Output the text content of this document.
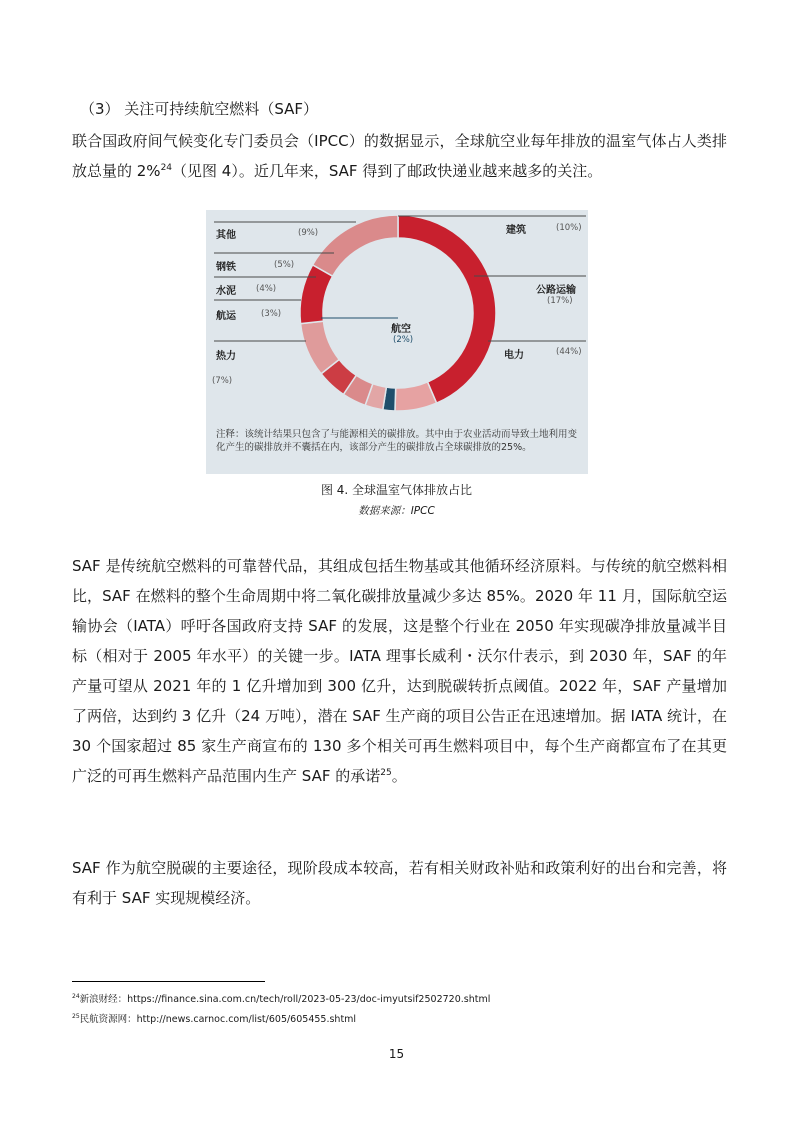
（3） 关注可持续航空燃料（SAF）
联合国政府间气候变化专门委员会（IPCC）的数据显示，全球航空业每年排放的温室气体占人类排放总量的 2%$^{24}$（见图 4）。近几年来，SAF 得到了邮政快递业越来越多的关注。
其他	(9%)
钢铁	(5%)
水泥 (4%)
航运	(3%)
热力
(7%)
建筑	(10%)
公路运输
(17%)
电力	(44%)
航空
(2%)
注释：该统计结果只包含了与能源相关的碳排放。其中由于农业活动而导致土地利用变化产生的碳排放并不囊括在内，该部分产生的碳排放占全球碳排放的25%。
图 4. 全球温室气体排放占比
数据来源：IPCC
SAF 是传统航空燃料的可靠替代品，其组成包括生物基或其他循环经济原料。与传统的航空燃料相比，SAF 在燃料的整个生命周期中将二氧化碳排放量减少多达 85%。2020 年 11 月，国际航空运输协会（IATA）呼吁各国政府支持 SAF 的发展，这是整个行业在 2050 年实现碳净排放量减半目标（相对于 2005 年水平）的关键一步。IATA 理事长威利・沃尔什表示，到 2030 年，SAF 的年产量可望从 2021 年的 1 亿升增加到 300 亿升，达到脱碳转折点阈值。2022 年，SAF 产量增加了两倍，达到约 3 亿升（24 万吨），潜在 SAF 生产商的项目公告正在迅速增加。据 IATA 统计，在 30 个国家超过 85 家生产商宣布的 130 多个相关可再生燃料项目中，每个生产商都宣布了在其更广泛的可再生燃料产品范围内生产 SAF 的承诺$^{25}$。
SAF 作为航空脱碳的主要途径，现阶段成本较高，若有相关财政补贴和政策利好的出台和完善，将有利于 SAF 实现规模经济。
$^{24}$新浪财经：https://finance.sina.com.cn/tech/roll/2023-05-23/doc-imyutsif2502720.shtml
$^{25}$民航资源网：http://news.carnoc.com/list/605/605455.shtml
15
